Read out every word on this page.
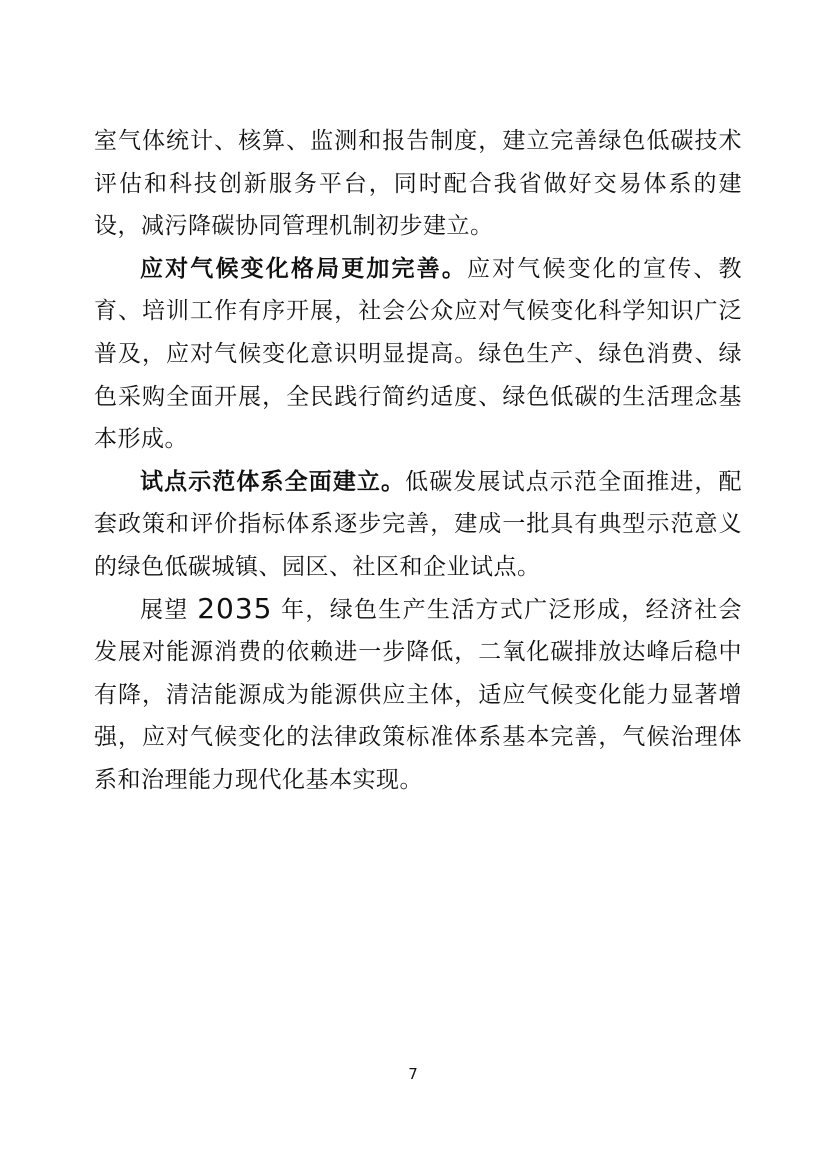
室气体统计、核算、监测和报告制度，建立完善绿色低碳技术评估和科技创新服务平台，同时配合我省做好交易体系的建设，减污降碳协同管理机制初步建立。

应对气候变化格局更加完善。应对气候变化的宣传、教育、培训工作有序开展，社会公众应对气候变化科学知识广泛普及，应对气候变化意识明显提高。绿色生产、绿色消费、绿色采购全面开展，全民践行简约适度、绿色低碳的生活理念基本形成。

试点示范体系全面建立。低碳发展试点示范全面推进，配套政策和评价指标体系逐步完善，建成一批具有典型示范意义的绿色低碳城镇、园区、社区和企业试点。

展望 2035 年，绿色生产生活方式广泛形成，经济社会发展对能源消费的依赖进一步降低，二氧化碳排放达峰后稳中有降，清洁能源成为能源供应主体，适应气候变化能力显著增强，应对气候变化的法律政策标准体系基本完善，气候治理体系和治理能力现代化基本实现。

7
